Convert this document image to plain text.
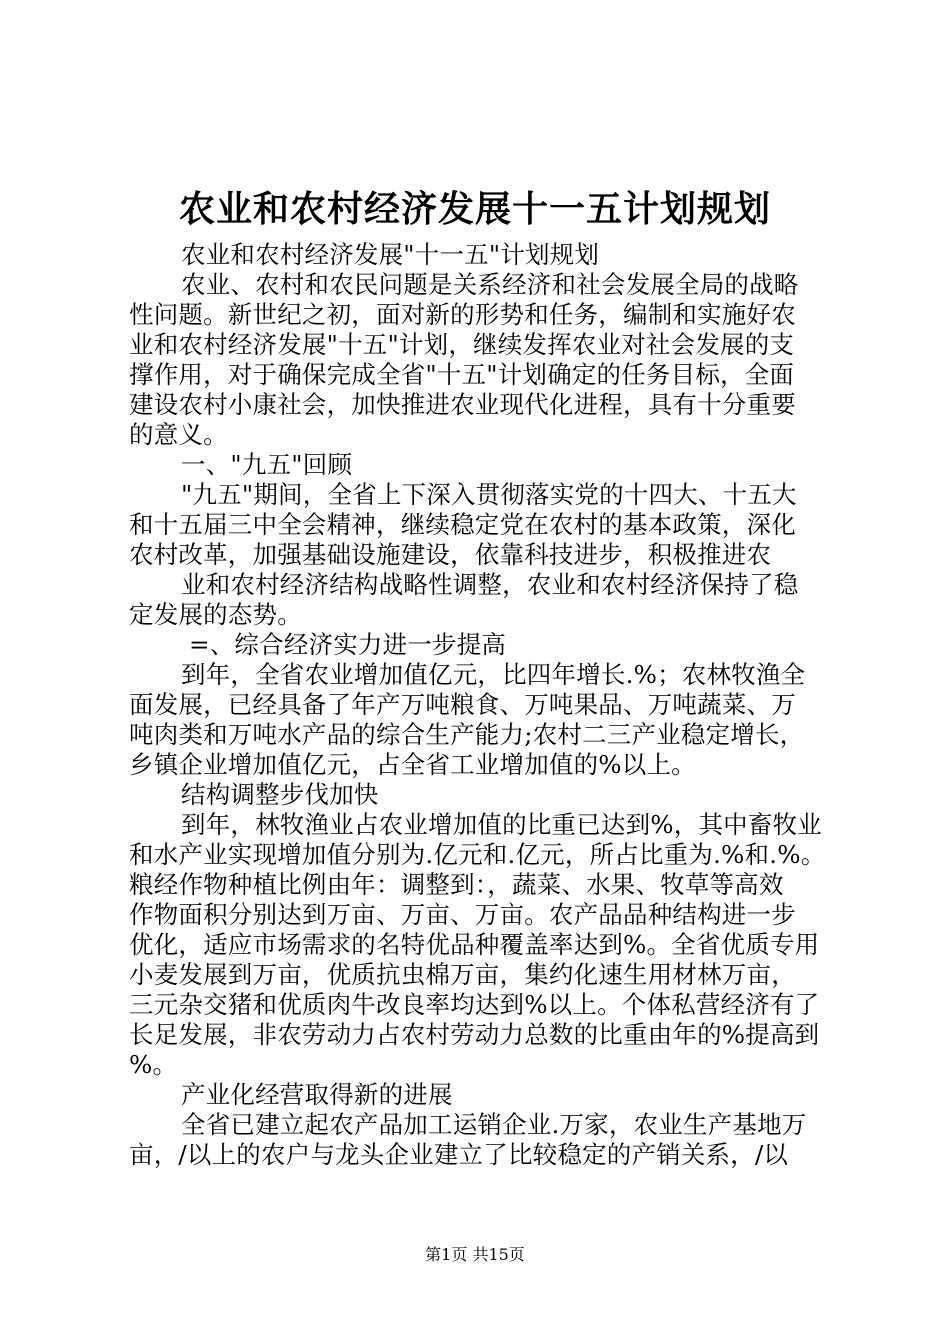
农业和农村经济发展十一五计划规划
农业和农村经济发展"十一五"计划规划
农业、农村和农民问题是关系经济和社会发展全局的战略
性问题。新世纪之初，面对新的形势和任务，编制和实施好农
业和农村经济发展"十五"计划，继续发挥农业对社会发展的支
撑作用，对于确保完成全省"十五"计划确定的任务目标，全面
建设农村小康社会，加快推进农业现代化进程，具有十分重要
的意义。
一、"九五"回顾
"九五"期间，全省上下深入贯彻落实党的十四大、十五大
和十五届三中全会精神，继续稳定党在农村的基本政策，深化
农村改革，加强基础设施建设，依靠科技进步，积极推进农
业和农村经济结构战略性调整，农业和农村经济保持了稳
定发展的态势。
=、综合经济实力进一步提高
到年，全省农业增加值亿元，比四年增长.%；农林牧渔全
面发展，已经具备了年产万吨粮食、万吨果品、万吨蔬菜、万
吨肉类和万吨水产品的综合生产能力;农村二三产业稳定增长，
乡镇企业增加值亿元，占全省工业增加值的%以上。
结构调整步伐加快
到年，林牧渔业占农业增加值的比重已达到%，其中畜牧业
和水产业实现增加值分别为.亿元和.亿元，所占比重为.%和.%。
粮经作物种植比例由年：调整到：，蔬菜、水果、牧草等高效
作物面积分别达到万亩、万亩、万亩。农产品品种结构进一步
优化，适应市场需求的名特优品种覆盖率达到%。全省优质专用
小麦发展到万亩，优质抗虫棉万亩，集约化速生用材林万亩，
三元杂交猪和优质肉牛改良率均达到%以上。个体私营经济有了
长足发展，非农劳动力占农村劳动力总数的比重由年的%提高到
%。
产业化经营取得新的进展
全省已建立起农产品加工运销企业.万家，农业生产基地万
亩，/以上的农户与龙头企业建立了比较稳定的产销关系，/以
第1页 共15页
